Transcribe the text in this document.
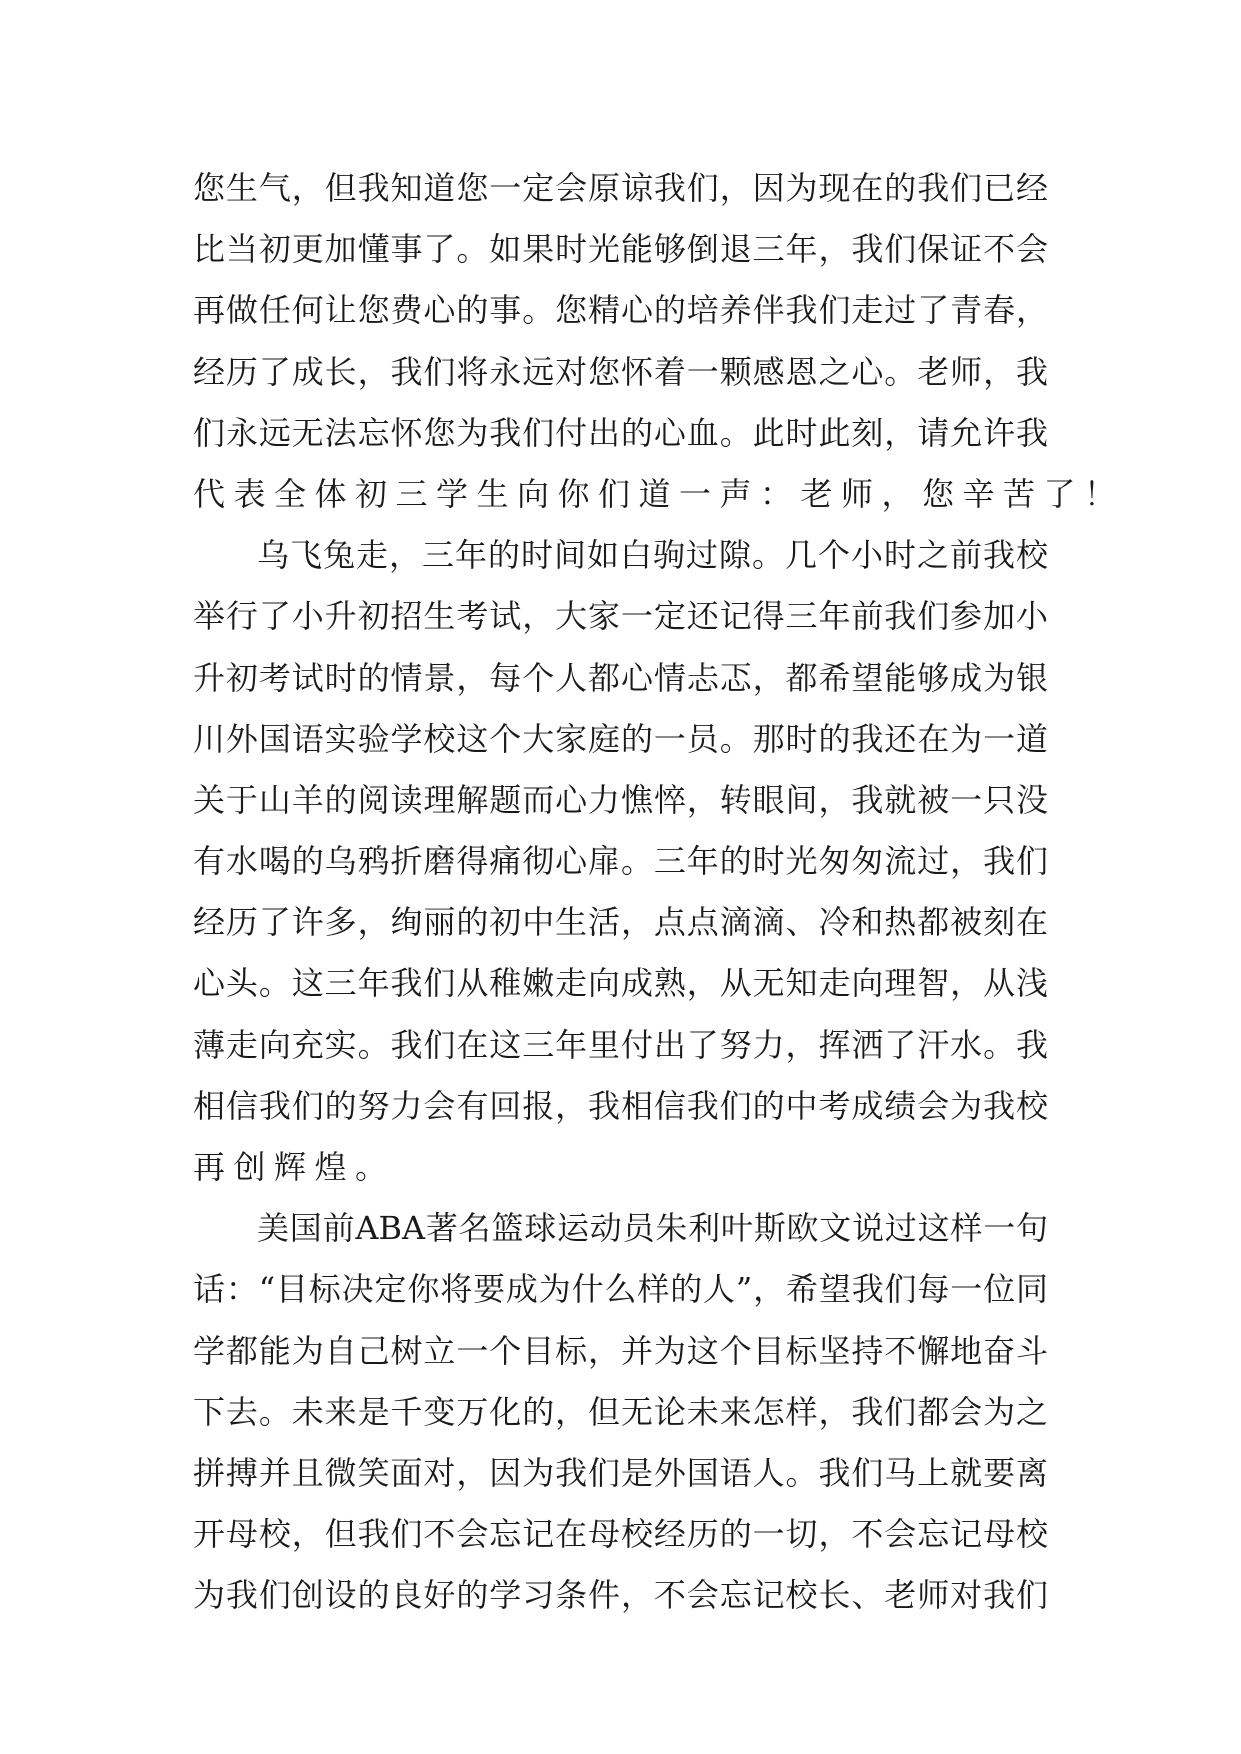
您生气，但我知道您一定会原谅我们，因为现在的我们已经
比当初更加懂事了。如果时光能够倒退三年，我们保证不会
再做任何让您费心的事。您精心的培养伴我们走过了青春，
经历了成长，我们将永远对您怀着一颗感恩之心。老师，我
们永远无法忘怀您为我们付出的心血。此时此刻，请允许我
代表全体初三学生向你们道一声：老师，您辛苦了！
乌飞兔走，三年的时间如白驹过隙。几个小时之前我校
举行了小升初招生考试，大家一定还记得三年前我们参加小
升初考试时的情景，每个人都心情忐忑，都希望能够成为银
川外国语实验学校这个大家庭的一员。那时的我还在为一道
关于山羊的阅读理解题而心力憔悴，转眼间，我就被一只没
有水喝的乌鸦折磨得痛彻心扉。三年的时光匆匆流过，我们
经历了许多，绚丽的初中生活，点点滴滴、冷和热都被刻在
心头。这三年我们从稚嫩走向成熟，从无知走向理智，从浅
薄走向充实。我们在这三年里付出了努力，挥洒了汗水。我
相信我们的努力会有回报，我相信我们的中考成绩会为我校
再创辉煌。
美国前ABA著名篮球运动员朱利叶斯欧文说过这样一句
话：“目标决定你将要成为什么样的人”，希望我们每一位同
学都能为自己树立一个目标，并为这个目标坚持不懈地奋斗
下去。未来是千变万化的，但无论未来怎样，我们都会为之
拼搏并且微笑面对，因为我们是外国语人。我们马上就要离
开母校，但我们不会忘记在母校经历的一切，不会忘记母校
为我们创设的良好的学习条件，不会忘记校长、老师对我们
